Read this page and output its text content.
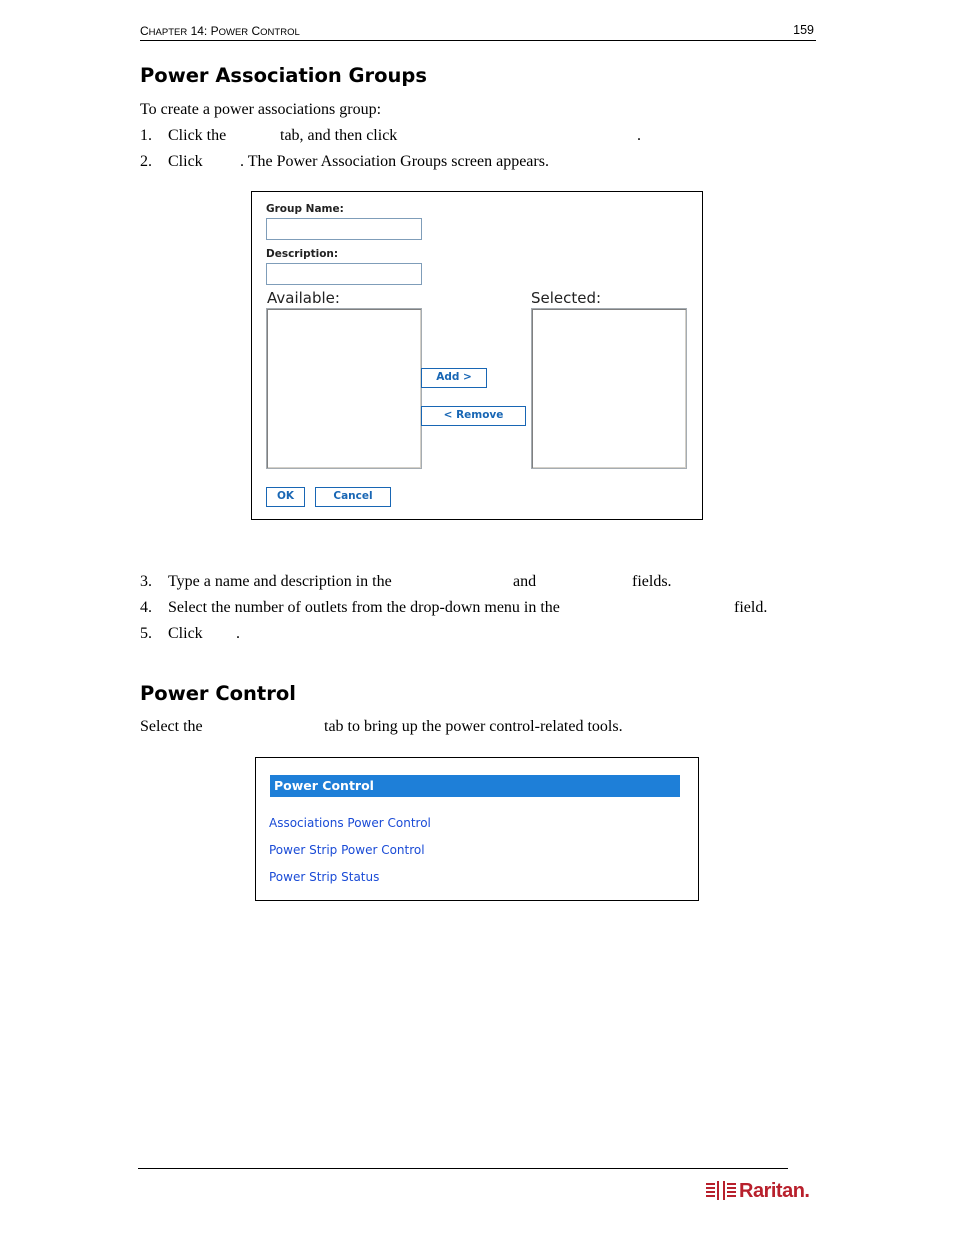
CHAPTER 14: POWER CONTROL	159
Power Association Groups
To create a power associations group:
1. Click the	tab, and then click	.
2. Click . The Power Association Groups screen appears.
Group Name:
Description:
Available:	Selected:
Add >
< Remove
OK	Cancel
3. Type a name and description in the	and	fields.
4. Select the number of outlets from the drop-down menu in the	field.
5. Click .
Power Control
Select the	tab to bring up the power control-related tools.
Power Control
Associations Power Control
Power Strip Power Control
Power Strip Status
Raritan.
